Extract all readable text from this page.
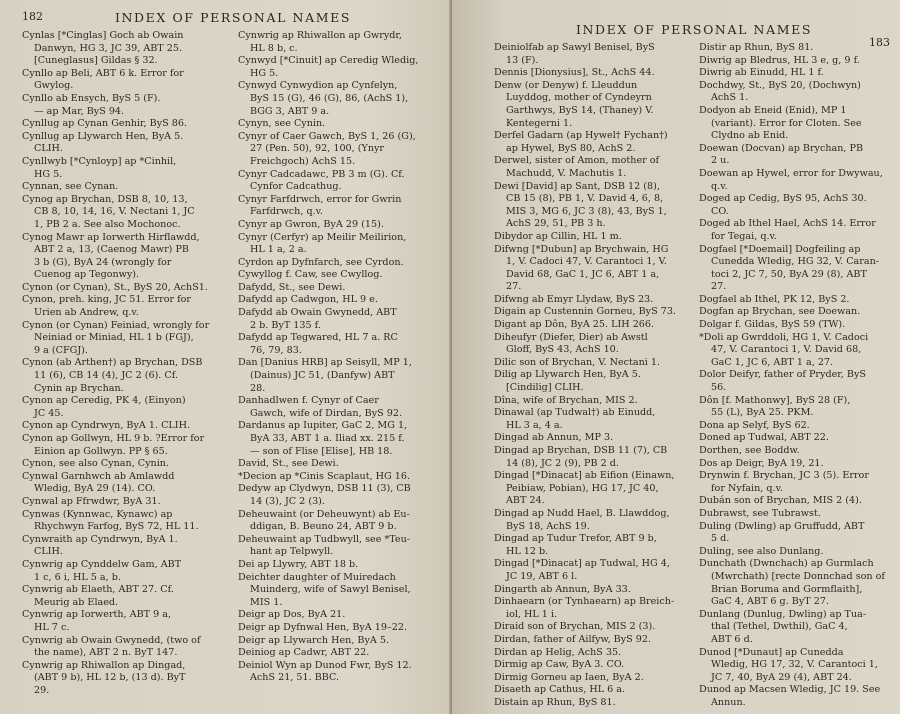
182	INDEX OF PERSONAL NAMES

Cynlas [*Cinglas] Goch ab Owain
Danwyn, HG 3, JC 39, ABT 25.
[Cuneglasus] Gildas § 32.

Cynllo ap Beli, ABT 6 k. Error for
Gwylog.

Cynllo ab Ensych, ByS 5 (F).
— ap Mar, ByS 94.

Cynllug ap Cynan Genhir, ByS 86.

Cynllug ap Llywarch Hen, ByA 5.
CLIH.

Cynllwyb [*Cynloyp] ap *Cinhil,
HG 5.

Cynnan, see Cynan.

Cynog ap Brychan, DSB 8, 10, 13,
CB 8, 10, 14, 16, V. Nectani 1, JC
1, PB 2 a. See also Mochonoc.

Cynog Mawr ap Iorwerth Hirflawdd,
ABT 2 a, 13, (Caenog Mawr) PB
3 b (G), ByA 24 (wrongly for
Cuenog ap Tegonwy).

Cynon (or Cynan), St., ByS 20, AchS1.

Cynon, preh. king, JC 51. Error for
Urien ab Andrew, q.v.

Cynon (or Cynan) Feiniad, wrongly for
Neiniad or Miniad, HL 1 b (FGJ),
9 a (CFGJ).

Cynon (ab Arthen†) ap Brychan, DSB
11 (6), CB 14 (4), JC 2 (6). Cf.
Cynin ap Brychan.

Cynon ap Ceredig, PK 4, (Einyon)
JC 45.

Cynon ap Cyndrwyn, ByA 1. CLIH.

Cynon ap Gollwyn, HL 9 b. ?Error for
Einion ap Gollwyn. PP § 65.

Cynon, see also Cynan, Cynin.

Cynwal Garnhwch ab Amlawdd
Wledig, ByA 29 (14). CO.

Cynwal ap Ffrwdwr, ByA 31.

Cynwas (Kynnwac, Kynawc) ap
Rhychwyn Farfog, ByS 72, HL 11.

Cynwraith ap Cyndrwyn, ByA 1.
CLIH.

Cynwrig ap Cynddelw Gam, ABT
1 c, 6 i, HL 5 a, b.

Cynwrig ab Elaeth, ABT 27. Cf.
Meurig ab Elaed.

Cynwrig ap Iorwerth, ABT 9 a,
HL 7 c.

Cynwrig ab Owain Gwynedd, (two of
the name), ABT 2 n. ByT 147.

Cynwrig ap Rhiwallon ap Dingad,
(ABT 9 b), HL 12 b, (13 d). ByT
29.

Cynwrig ap Rhiwallon ap Gwrydr,
HL 8 b, c.

Cynwyd [*Cinuit] ap Ceredig Wledig,
HG 5.

Cynwyd Cynwydion ap Cynfelyn,
ByS 15 (G), 46 (G), 86, (AchS 1),
BGG 3, ABT 9 a.

Cynyn, see Cynin.

Cynyr of Caer Gawch, ByS 1, 26 (G),
27 (Pen. 50), 92, 100, (Ynyr
Freichgoch) AchS 15.

Cynyr Cadcadawc, PB 3 m (G). Cf.
Cynfor Cadcathug.

Cynyr Farfdrwch, error for Gwrin
Farfdrwch, q.v.

Cynyr ap Gwron, ByA 29 (15).

Cynyr (Cerfyr) ap Meilir Meilirion,
HL 1 a, 2 a.

Cyrdon ap Dyfnfarch, see Cyrdon.

Cywyllog f. Caw, see Cwyllog.

Dafydd, St., see Dewi.

Dafydd ap Cadwgon, HL 9 e.

Dafydd ab Owain Gwynedd, ABT
2 b. ByT 135 f.

Dafydd ap Tegwared, HL 7 a. RC
76, 79, 83.

Dan [Danius HRB] ap Seisyll, MP 1,
(Dainus) JC 51, (Danfyw) ABT
28.

Danhadlwen f. Cynyr of Caer
Gawch, wife of Dirdan, ByS 92.

Dardanus ap Iupiter, GaC 2, MG 1,
ByA 33, ABT 1 a. Iliad xx. 215 f.
— son of Flise [Elise], HB 18.

David, St., see Dewi.

*Decion ap *Cinis Scaplaut, HG 16.

Dedyw ap Clydwyn, DSB 11 (3), CB
14 (3), JC 2 (3).

Deheuwaint (or Deheuwynt) ab Eu-
ddigan, B. Beuno 24, ABT 9 b.

Deheuwaint ap Tudbwyll, see *Teu-
hant ap Telpwyll.

Dei ap Llywry, ABT 18 b.

Deichter daughter of Muiredach
Muinderg, wife of Sawyl Benisel,
MIS 1.

Deigr ap Dos, ByA 21.

Deigr ap Dyfnwal Hen, ByA 19–22.

Deigr ap Llywarch Hen, ByA 5.

Deiniog ap Cadwr, ABT 22.

Deiniol Wyn ap Dunod Fwr, ByS 12.
AchS 21, 51. BBC.

INDEX OF PERSONAL NAMES
183

Deiniolfab ap Sawyl Benisel, ByS
13 (F).

Dennis [Dionysius], St., AchS 44.

Denw (or Denyw) f. Lleuddun
Luyddog, mother of Cyndeyrn
Garthwys, ByS 14, (Thaney) V.
Kentegerni 1.

Derfel Gadarn (ap Hywel† Fychan†)
ap Hywel, ByS 80, AchS 2.

Derwel, sister of Amon, mother of
Machudd, V. Machutis 1.

Dewi [David] ap Sant, DSB 12 (8),
CB 15 (8), PB 1, V. David 4, 6, 8,
MIS 3, MG 6, JC 3 (8), 43, ByS 1,
AchS 29, 51, PB 3 h.

Dibydor ap Cillin, HL 1 m.

Difwng [*Dubun] ap Brychwain, HG
1, V. Cadoci 47, V. Carantoci 1, V.
David 68, GaC 1, JC 6, ABT 1 a,
27.

Difwng ab Emyr Llydaw, ByS 23.

Digain ap Custennin Gorneu, ByS 73.

Digant ap Dôn, ByA 25. LIH 266.

Diheufyr (Diefer, Dier) ab Awstl
Gloff, ByS 43, AchS 10.

Dilic son of Brychan, V. Nectani 1.

Dilig ap Llywarch Hen, ByA 5.
[Cindilig] CLIH.

Dîna, wife of Brychan, MIS 2.

Dinawal (ap Tudwal†) ab Einudd,
HL 3 a, 4 a.

Dingad ab Annun, MP 3.

Dingad ap Brychan, DSB 11 (7), CB
14 (8), JC 2 (9), PB 2 d.

Dingad [*Dinacat] ab Eifion (Einawn,
Peibiaw, Pobian), HG 17, JC 40,
ABT 24.

Dingad ap Nudd Hael, B. Llawddog,
ByS 18, AchS 19.

Dingad ap Tudur Trefor, ABT 9 b,
HL 12 b.

Dingad [*Dinacat] ap Tudwal, HG 4,
JC 19, ABT 6 l.

Dingarth ab Annun, ByA 33.

Dinhaearn (or Tynhaearn) ap Breich-
iol, HL 1 i.

Diraid son of Brychan, MIS 2 (3).

Dirdan, father of Ailfyw, ByS 92.

Dirdan ap Helig, AchS 35.

Dirmig ap Caw, ByA 3. CO.

Dirmig Gorneu ap Iaen, ByA 2.

Disaeth ap Cathus, HL 6 a.

Distain ap Rhun, ByS 81.

Distir ap Rhun, ByS 81.

Diwrig ap Bledrus, HL 3 e, g, 9 f.

Diwrig ab Einudd, HL 1 f.

Dochdwy, St., ByS 20, (Dochwyn)
AchS 1.

Dodyon ab Eneid (Enid), MP 1
(variant). Error for Cloten. See
Clydno ab Enid.

Doewan (Docvan) ap Brychan, PB
2 u.

Doewan ap Hywel, error for Dwywau,
q.v.

Doged ap Cedig, ByS 95, AchS 30.
CO.

Doged ab Ithel Hael, AchS 14. Error
for Tegai, q.v.

Dogfael [*Doemail] Dogfeiling ap
Cunedda Wledig, HG 32, V. Caran-
toci 2, JC 7, 50, ByA 29 (8), ABT
27.

Dogfael ab Ithel, PK 12, ByS 2.

Dogfan ap Brychan, see Doewan.

Dolgar f. Gildas, ByS 59 (TW).

*Doli ap Gwrddoli, HG 1, V. Cadoci
47, V. Carantoci 1, V. David 68,
GaC 1, JC 6, ABT 1 a, 27.

Dolor Deifyr, father of Pryder, ByS
56.

Dôn [f. Mathonwy], ByS 28 (F),
55 (L), ByA 25. PKM.

Dona ap Selyf, ByS 62.

Doned ap Tudwal, ABT 22.

Dorthen, see Boddw.

Dos ap Deigr, ByA 19, 21.

Drynwin f. Brychan, JC 3 (5). Error
for Nyfain, q.v.

Dubán son of Brychan, MIS 2 (4).

Dubrawst, see Tubrawst.

Duling (Dwling) ap Gruffudd, ABT
5 d.

Duling, see also Dunlang.

Dunchath (Dwnchach) ap Gurmlach
(Mwrchath) [recte Donnchad son of
Brian Boruma and Gormflaith],
GaC 4, ABT 6 g. ByT 27.

Dunlang (Dunlug, Dwling) ap Tua-
thal (Tethel, Dwthil), GaC 4,
ABT 6 d.

Dunod [*Dunaut] ap Cunedda
Wledig, HG 17, 32, V. Carantoci 1,
JC 7, 40, ByA 29 (4), ABT 24.

Dunod ap Macsen Wledig, JC 19. See
Annun.
